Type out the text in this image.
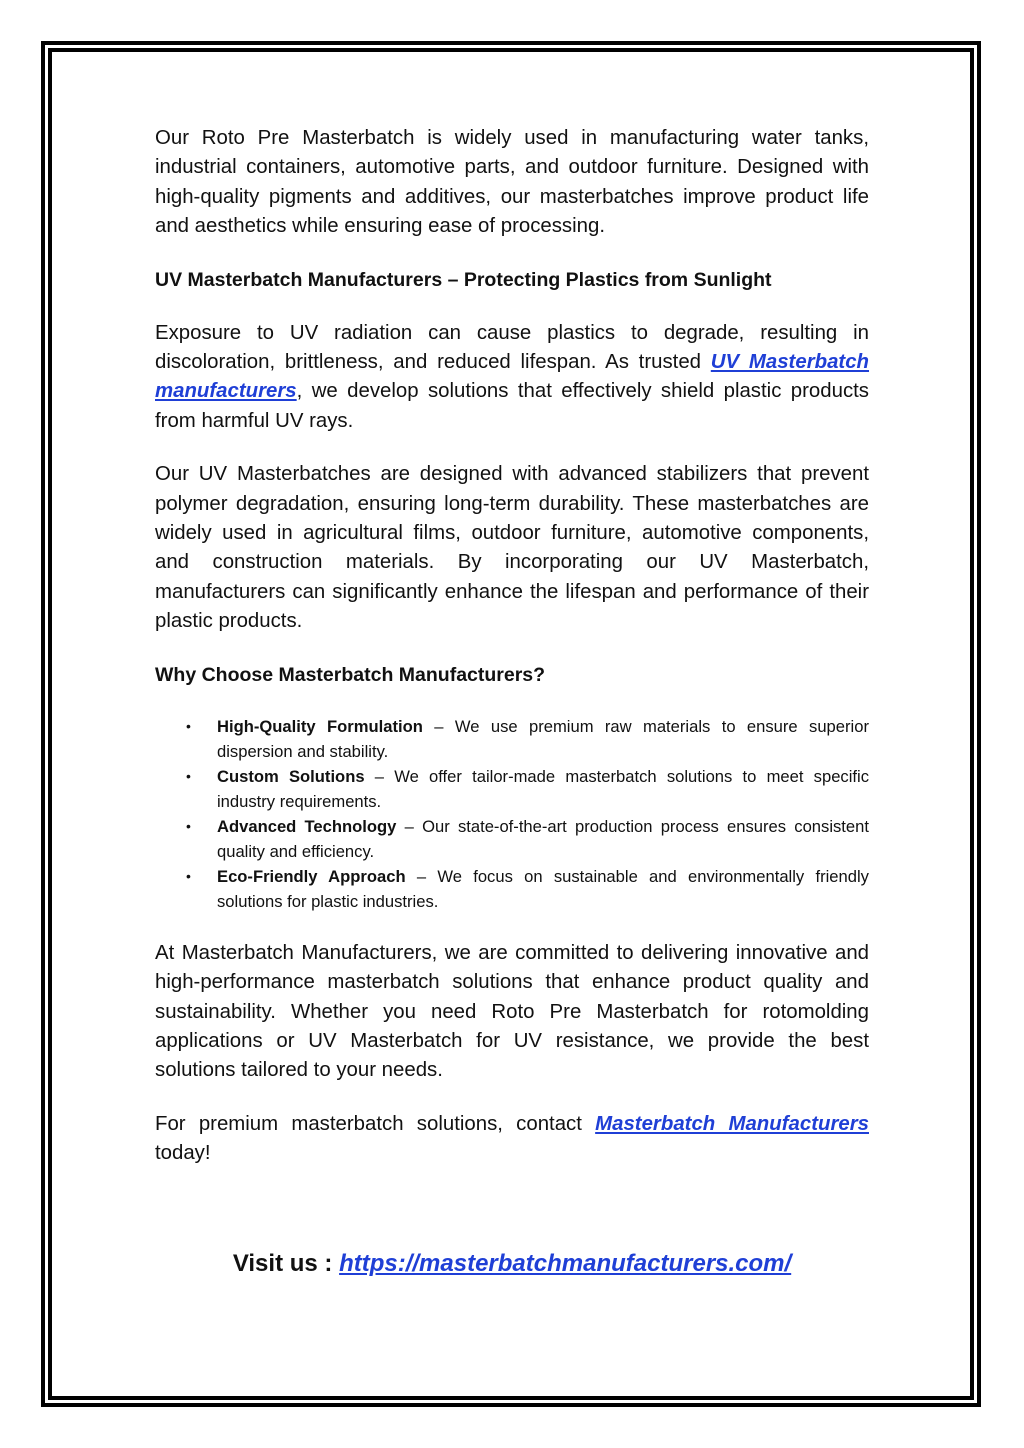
Our Roto Pre Masterbatch is widely used in manufacturing water tanks, industrial containers, automotive parts, and outdoor furniture. Designed with high-quality pigments and additives, our masterbatches improve product life and aesthetics while ensuring ease of processing.

UV Masterbatch Manufacturers – Protecting Plastics from Sunlight

Exposure to UV radiation can cause plastics to degrade, resulting in discoloration, brittleness, and reduced lifespan. As trusted UV Masterbatch manufacturers, we develop solutions that effectively shield plastic products from harmful UV rays.

Our UV Masterbatches are designed with advanced stabilizers that prevent polymer degradation, ensuring long-term durability. These masterbatches are widely used in agricultural films, outdoor furniture, automotive components, and construction materials. By incorporating our UV Masterbatch, manufacturers can significantly enhance the lifespan and performance of their plastic products.

Why Choose Masterbatch Manufacturers?

• High-Quality Formulation – We use premium raw materials to ensure superior dispersion and stability.
• Custom Solutions – We offer tailor-made masterbatch solutions to meet specific industry requirements.
• Advanced Technology – Our state-of-the-art production process ensures consistent quality and efficiency.
• Eco-Friendly Approach – We focus on sustainable and environmentally friendly solutions for plastic industries.

At Masterbatch Manufacturers, we are committed to delivering innovative and high-performance masterbatch solutions that enhance product quality and sustainability. Whether you need Roto Pre Masterbatch for rotomolding applications or UV Masterbatch for UV resistance, we provide the best solutions tailored to your needs.

For premium masterbatch solutions, contact Masterbatch Manufacturers today!

Visit us : https://masterbatchmanufacturers.com/
